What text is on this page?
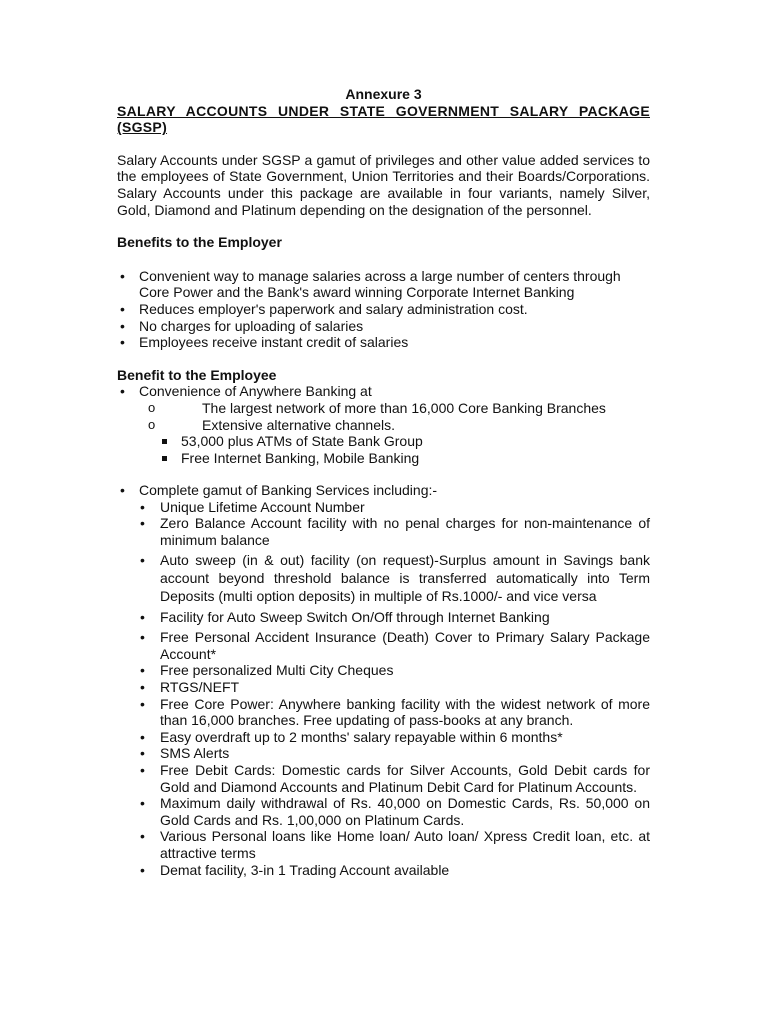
Annexure 3

SALARY ACCOUNTS UNDER STATE GOVERNMENT SALARY PACKAGE (SGSP)

Salary Accounts under SGSP a gamut of privileges and other value added services to the employees of State Government, Union Territories and their Boards/Corporations. Salary Accounts under this package are available in four variants, namely Silver, Gold, Diamond and Platinum depending on the designation of the personnel.

Benefits to the Employer

• Convenient way to manage salaries across a large number of centers through Core Power and the Bank's award winning Corporate Internet Banking
• Reduces employer's paperwork and salary administration cost.
• No charges for uploading of salaries
• Employees receive instant credit of salaries

Benefit to the Employee

• Convenience of Anywhere Banking at
o The largest network of more than 16,000 Core Banking Branches
o Extensive alternative channels.
53,000 plus ATMs of State Bank Group
Free Internet Banking, Mobile Banking
• Complete gamut of Banking Services including:-
• Unique Lifetime Account Number
• Zero Balance Account facility with no penal charges for non-maintenance of minimum balance
• Auto sweep (in & out) facility (on request)-Surplus amount in Savings bank account beyond threshold balance is transferred automatically into Term Deposits (multi option deposits) in multiple of Rs.1000/- and vice versa
• Facility for Auto Sweep Switch On/Off through Internet Banking
• Free Personal Accident Insurance (Death) Cover to Primary Salary Package Account*
• Free personalized Multi City Cheques
• RTGS/NEFT
• Free Core Power: Anywhere banking facility with the widest network of more than 16,000 branches. Free updating of pass-books at any branch.
• Easy overdraft up to 2 months' salary repayable within 6 months*
• SMS Alerts
• Free Debit Cards: Domestic cards for Silver Accounts, Gold Debit cards for Gold and Diamond Accounts and Platinum Debit Card for Platinum Accounts.
• Maximum daily withdrawal of Rs. 40,000 on Domestic Cards, Rs. 50,000 on Gold Cards and Rs. 1,00,000 on Platinum Cards.
• Various Personal loans like Home loan/ Auto loan/ Xpress Credit loan, etc. at attractive terms
• Demat facility, 3-in 1 Trading Account available
